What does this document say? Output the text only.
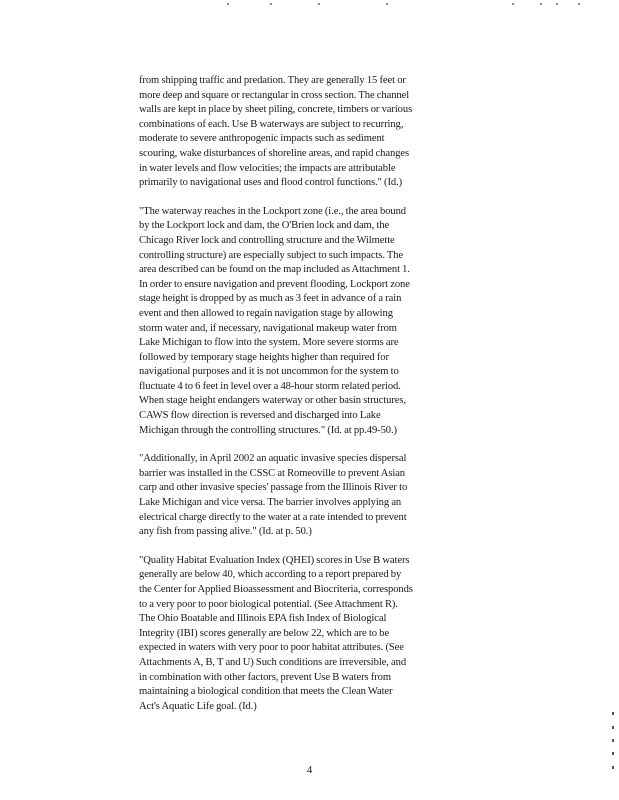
from shipping traffic and predation. They are generally 15 feet or
more deep and square or rectangular in cross section. The channel
walls are kept in place by sheet piling, concrete, timbers or various
combinations of each. Use B waterways are subject to recurring,
moderate to severe anthropogenic impacts such as sediment
scouring, wake disturbances of shoreline areas, and rapid changes
in water levels and flow velocities; the impacts are attributable
primarily to navigational uses and flood control functions." (Id.)

"The waterway reaches in the Lockport zone (i.e., the area bound
by the Lockport lock and dam, the O'Brien lock and dam, the
Chicago River lock and controlling structure and the Wilmette
controlling structure) are especially subject to such impacts. The
area described can be found on the map included as Attachment 1.
In order to ensure navigation and prevent flooding, Lockport zone
stage height is dropped by as much as 3 feet in advance of a rain
event and then allowed to regain navigation stage by allowing
storm water and, if necessary, navigational makeup water from
Lake Michigan to flow into the system. More severe storms are
followed by temporary stage heights higher than required for
navigational purposes and it is not uncommon for the system to
fluctuate 4 to 6 feet in level over a 48-hour storm related period.
When stage height endangers waterway or other basin structures,
CAWS flow direction is reversed and discharged into Lake
Michigan through the controlling structures." (Id. at pp.49-50.)

"Additionally, in April 2002 an aquatic invasive species dispersal
barrier was installed in the CSSC at Romeoville to prevent Asian
carp and other invasive species' passage from the Illinois River to
Lake Michigan and vice versa. The barrier involves applying an
electrical charge directly to the water at a rate intended to prevent
any fish from passing alive." (Id. at p. 50.)

"Quality Habitat Evaluation Index (QHEI) scores in Use B waters
generally are below 40, which according to a report prepared by
the Center for Applied Bioassessment and Biocriteria, corresponds
to a very poor to poor biological potential. (See Attachment R).
The Ohio Boatable and Illinois EPA fish Index of Biological
Integrity (IBI) scores generally are below 22, which are to be
expected in waters with very poor to poor habitat attributes. (See
Attachments A, B, T and U) Such conditions are irreversible, and
in combination with other factors, prevent Use B waters from
maintaining a biological condition that meets the Clean Water
Act's Aquatic Life goal. (Id.)

4
